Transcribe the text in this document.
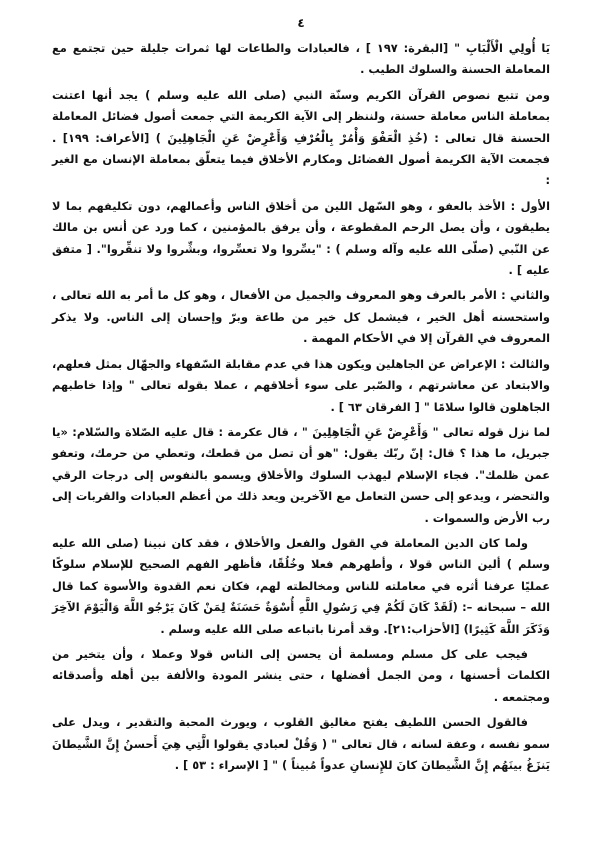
٤

يَا أُولِي الْأَلْبَابِ " [البقرة: ١٩٧ ] ، فالعبادات والطاعات لها ثمرات جليلة حين تجتمع مع المعاملة الحسنة والسلوك الطيب .

ومن تتبع نصوص القرآن الكريم وسنّة النبي (صلى الله عليه وسلم ) يجد أنها اعتنت بمعاملة الناس معاملة حسنة، ولننظر إلى الآية الكريمة التي جمعت أصول فضائل المعاملة الحسنة قال تعالى : (خُذِ الْعَفْوَ وَأْمُرْ بِالْعُرْفِ وَأَعْرِضْ عَنِ الْجَاهِلِينَ ) [الأعراف: ١٩٩] . فجمعت الآية الكريمة أصول الفضائل ومكارم الأخلاق فيما يتعلّق بمعاملة الإنسان مع الغير :

الأول : الأخذ بالعفو ، وهو السّهل اللين من أخلاق الناس وأعمالهم، دون تكليفهم بما لا يطيقون ، وأن يصل الرحم المقطوعة ، وأن يرفق بالمؤمنين ، كما ورد عن أنس بن مالك عن النّبي (صلّى الله عليه وآله وسلم ) : "يسِّروا ولا تعسِّروا، وبشِّروا ولا تنفِّروا". [ متفق عليه ] .

والثاني : الأمر بالعرف وهو المعروف والجميل من الأفعال ، وهو كل ما أمر به الله تعالى ، واستحسنه أهل الخير ، فيشمل كل خير من طاعة وبرّ وإحسان إلى الناس. ولا يذكر المعروف في القرآن إلا في الأحكام المهمة .

والثالث : الإعراض عن الجاهلين ويكون هذا في عدم مقابلة السّفهاء والجهّال بمثل فعلهم، والابتعاد عن معاشرتهم ، والصّبر على سوء أخلاقهم ، عملا بقوله تعالى " وإذا خاطبهم الجاهلون قالوا سلامًا " [ الفرقان ٦٣ ] .

لما نزل قوله تعالى " وَأَعْرِضْ عَنِ الْجَاهِلِينَ " ، قال عكرمة : قال عليه الصّلاة والسّلام: «يا جبريل، ما هذا ؟ قال: إنّ ربّك يقول: "هو أن تصل من قطعك، وتعطي من حرمك، وتعفو عمن ظلمك". فجاء الإسلام ليهذب السلوك والأخلاق ويسمو بالنفوس إلى درجات الرقي والتحضر ، ويدعو إلى حسن التعامل مع الآخرين ويعد ذلك من أعظم العبادات والقربات إلى رب الأرض والسموات .

ولما كان الدين المعاملة في القول والفعل والأخلاق ، فقد كان نبينا (صلى الله عليه وسلم ) ألين الناس قولا ، وأطهرهم فعلا وخُلُقًا، فأظهر الفهم الصحيح للإسلام سلوكًا عمليًا عرفنا أثره في معاملته للناس ومخالطته لهم، فكان نعم القدوة والأسوة كما قال الله – سبحانه –: (لَقَدْ كَانَ لَكُمْ فِي رَسُولِ اللَّهِ أُسْوَةٌ حَسَنَةٌ لِمَنْ كَانَ يَرْجُو اللَّهَ وَالْيَوْمَ الآخِرَ وَذَكَرَ اللَّهَ كَثِيرًا) [الأحزاب:٢١]. وقد أمرنا باتباعه صلى الله عليه وسلم .

فيجب على كل مسلم ومسلمة أن يحسن إلى الناس قولا وعملا ، وأن يتخير من الكلمات أحسنها ، ومن الجمل أفضلها ، حتى ينشر المودة والألفة بين أهله وأصدقائه ومجتمعه .

فالقول الحسن اللطيف يفتح مغاليق القلوب ، ويورث المحبة والتقدير ، ويدل على سمو نفسه ، وعفة لسانه ، قال تعالى " ( وَقُلْ لعبادي يقولوا الَّتِي هِيَ أَحسنُ إِنَّ الشَّيطانَ يَنزَغُ بينَهُم إِنَّ الشَّيطانَ كانَ للإِنسانِ عدواً مُبيناً ) " [ الإسراء : ٥٣ ] .
